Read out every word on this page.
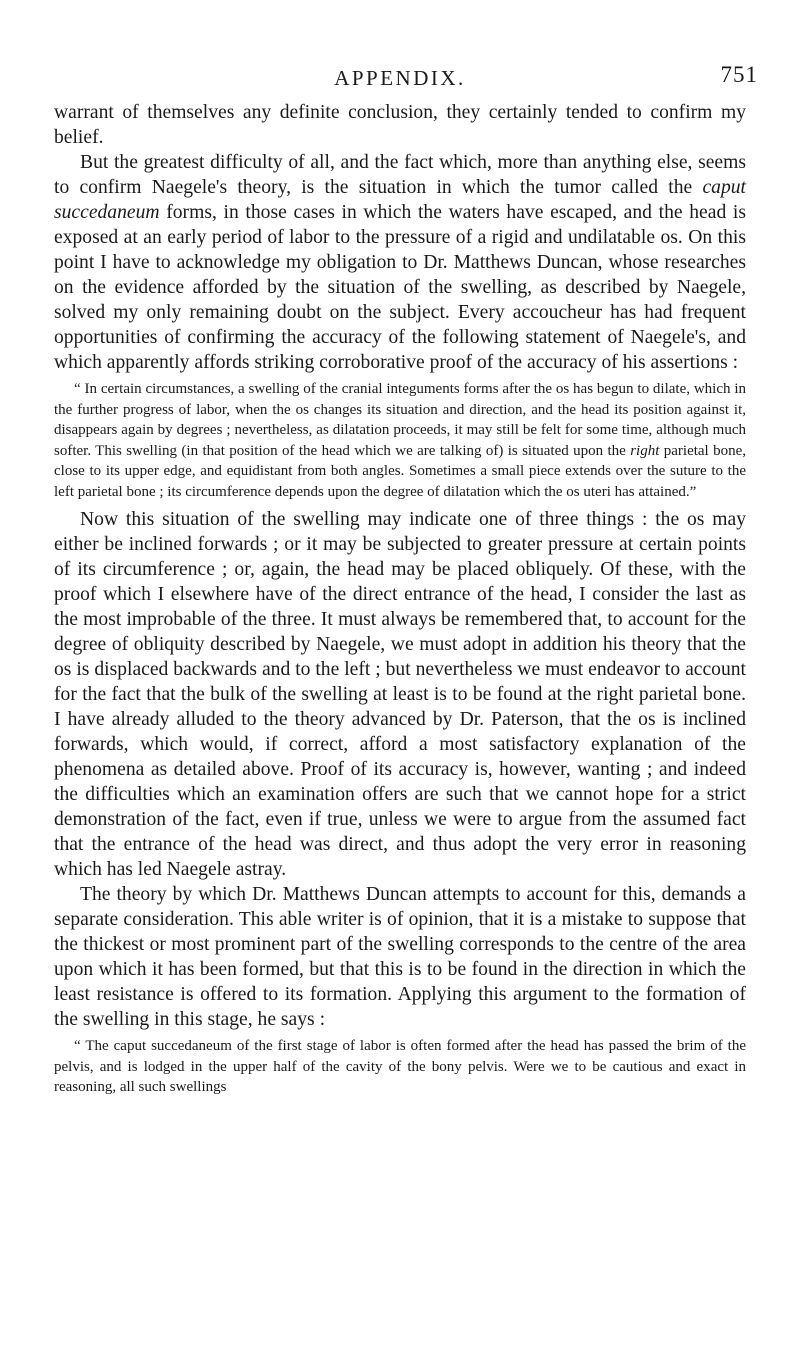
APPENDIX.	751

warrant of themselves any definite conclusion, they certainly tended to confirm my belief.

But the greatest difficulty of all, and the fact which, more than anything else, seems to confirm Naegele's theory, is the situation in which the tumor called the caput succedaneum forms, in those cases in which the waters have escaped, and the head is exposed at an early period of labor to the pressure of a rigid and undilatable os. On this point I have to acknowledge my obligation to Dr. Matthews Duncan, whose researches on the evidence afforded by the situation of the swelling, as described by Naegele, solved my only remaining doubt on the subject. Every accoucheur has had frequent opportunities of confirming the accuracy of the following statement of Naegele's, and which apparently affords striking corroborative proof of the accuracy of his assertions :

“ In certain circumstances, a swelling of the cranial integuments forms after the os has begun to dilate, which in the further progress of labor, when the os changes its situation and direction, and the head its position against it, disappears again by degrees ; nevertheless, as dilatation proceeds, it may still be felt for some time, although much softer. This swelling (in that position of the head which we are talking of) is situated upon the right parietal bone, close to its upper edge, and equidistant from both angles. Sometimes a small piece extends over the suture to the left parietal bone ; its circumference depends upon the degree of dilatation which the os uteri has attained.”

Now this situation of the swelling may indicate one of three things : the os may either be inclined forwards ; or it may be subjected to greater pressure at certain points of its circumference ; or, again, the head may be placed obliquely. Of these, with the proof which I elsewhere have of the direct entrance of the head, I consider the last as the most improbable of the three. It must always be remembered that, to account for the degree of obliquity described by Naegele, we must adopt in addition his theory that the os is displaced backwards and to the left ; but nevertheless we must endeavor to account for the fact that the bulk of the swelling at least is to be found at the right parietal bone. I have already alluded to the theory advanced by Dr. Paterson, that the os is inclined forwards, which would, if correct, afford a most satisfactory explanation of the phenomena as detailed above. Proof of its accuracy is, however, wanting ; and indeed the difficulties which an examination offers are such that we cannot hope for a strict demonstration of the fact, even if true, unless we were to argue from the assumed fact that the entrance of the head was direct, and thus adopt the very error in reasoning which has led Naegele astray.

The theory by which Dr. Matthews Duncan attempts to account for this, demands a separate consideration. This able writer is of opinion, that it is a mistake to suppose that the thickest or most prominent part of the swelling corresponds to the centre of the area upon which it has been formed, but that this is to be found in the direction in which the least resistance is offered to its formation. Applying this argument to the formation of the swelling in this stage, he says :

“ The caput succedaneum of the first stage of labor is often formed after the head has passed the brim of the pelvis, and is lodged in the upper half of the cavity of the bony pelvis. Were we to be cautious and exact in reasoning, all such swellings
